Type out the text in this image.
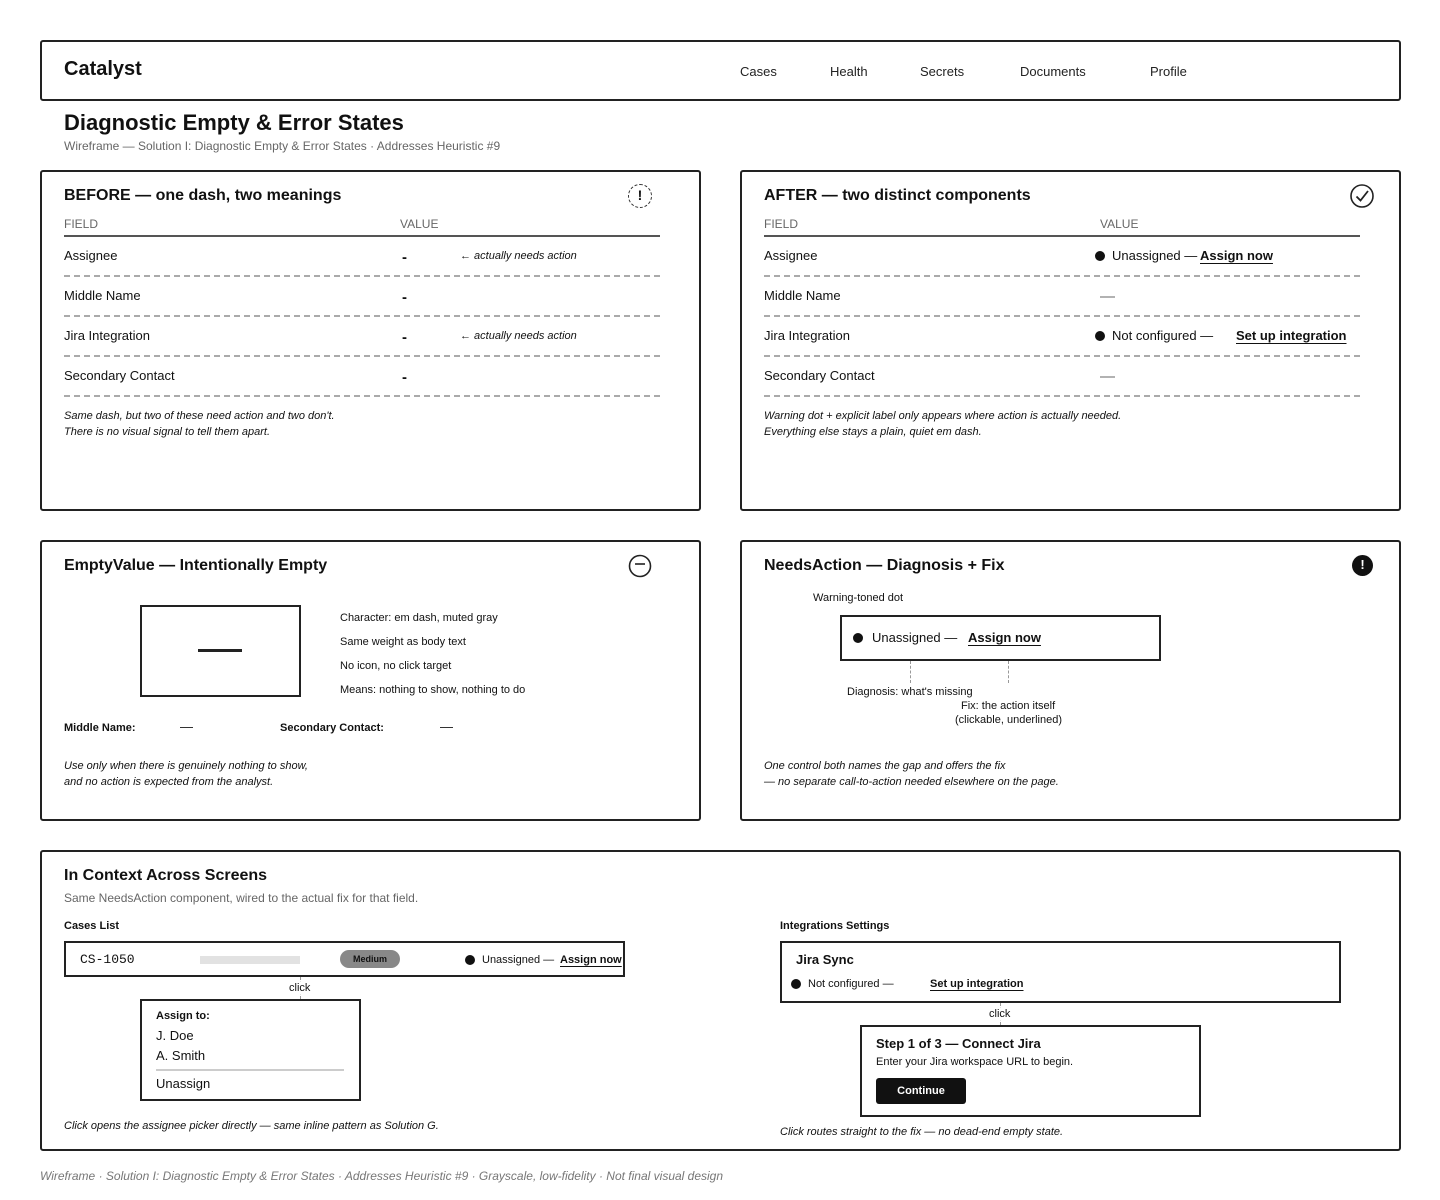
Catalyst	Cases	Health	Secrets	Documents	Profile
Diagnostic Empty & Error States
Wireframe — Solution I: Diagnostic Empty & Error States · Addresses Heuristic #9
BEFORE — one dash, two meanings	!
FIELD	VALUE
Assignee	-	← actually needs action
Middle Name	-
Jira Integration	-	← actually needs action
Secondary Contact	-
Same dash, but two of these need action and two don't.
There is no visual signal to tell them apart.
AFTER — two distinct components
FIELD	VALUE
Assignee	Unassigned — Assign now
Middle Name	—
Jira Integration	Not configured — Set up integration
Secondary Contact	—
Warning dot + explicit label only appears where action is actually needed.
Everything else stays a plain, quiet em dash.
EmptyValue — Intentionally Empty
Character: em dash, muted gray
Same weight as body text
No icon, no click target
Means: nothing to show, nothing to do
Middle Name:	—	Secondary Contact:	—
Use only when there is genuinely nothing to show,
and no action is expected from the analyst.
NeedsAction — Diagnosis + Fix	!
Warning-toned dot
Unassigned — Assign now
Diagnosis: what's missing
Fix: the action itself
(clickable, underlined)
One control both names the gap and offers the fix
— no separate call-to-action needed elsewhere on the page.
In Context Across Screens
Same NeedsAction component, wired to the actual fix for that field.
Cases List
CS-1050	Medium	Unassigned — Assign now
click
Assign to:
J. Doe
A. Smith
Unassign
Click opens the assignee picker directly — same inline pattern as Solution G.
Integrations Settings
Jira Sync
Not configured —	Set up integration
click
Step 1 of 3 — Connect Jira
Enter your Jira workspace URL to begin.
Continue
Click routes straight to the fix — no dead-end empty state.
Wireframe · Solution I: Diagnostic Empty & Error States · Addresses Heuristic #9 · Grayscale, low-fidelity · Not final visual design
